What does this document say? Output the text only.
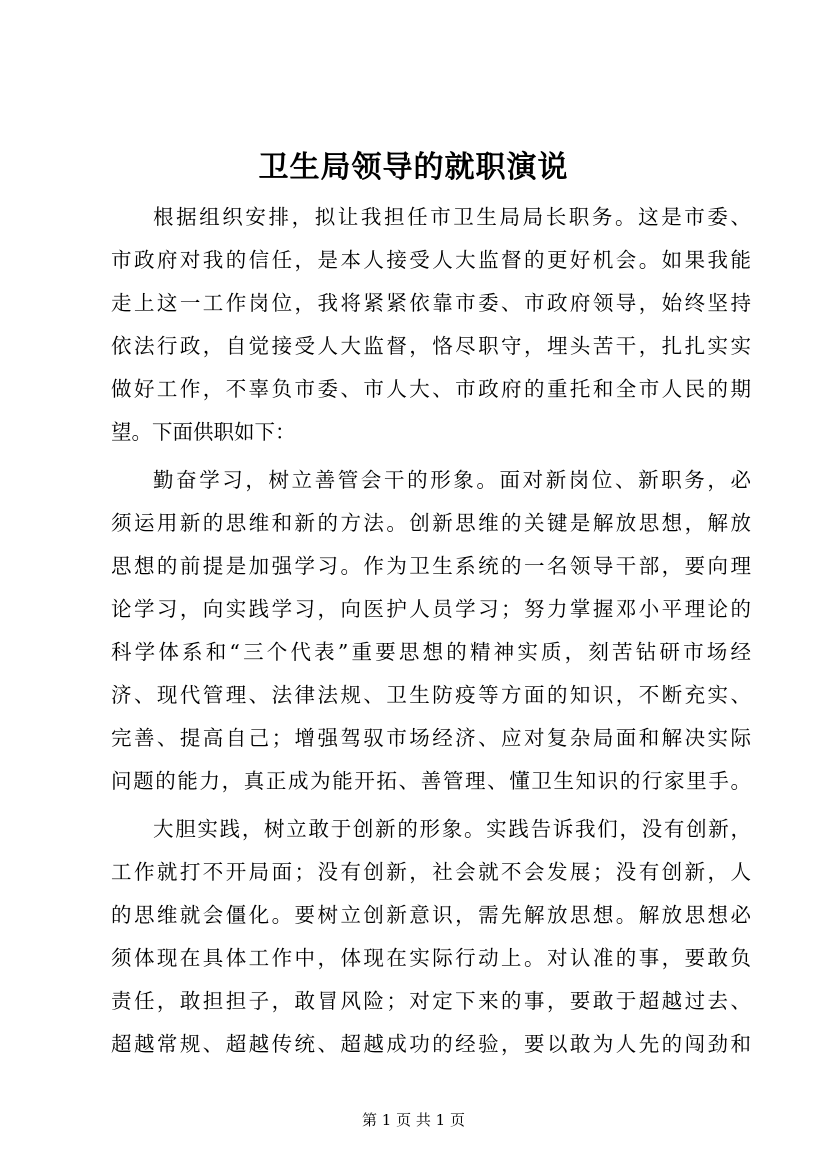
卫生局领导的就职演说
根据组织安排，拟让我担任市卫生局局长职务。这是市委、
市政府对我的信任，是本人接受人大监督的更好机会。如果我能
走上这一工作岗位，我将紧紧依靠市委、市政府领导，始终坚持
依法行政，自觉接受人大监督，恪尽职守，埋头苦干，扎扎实实
做好工作，不辜负市委、市人大、市政府的重托和全市人民的期
望。下面供职如下：
勤奋学习，树立善管会干的形象。面对新岗位、新职务，必
须运用新的思维和新的方法。创新思维的关键是解放思想，解放
思想的前提是加强学习。作为卫生系统的一名领导干部，要向理
论学习，向实践学习，向医护人员学习；努力掌握邓小平理论的
科学体系和“三个代表”重要思想的精神实质，刻苦钻研市场经
济、现代管理、法律法规、卫生防疫等方面的知识，不断充实、
完善、提高自己；增强驾驭市场经济、应对复杂局面和解决实际
问题的能力，真正成为能开拓、善管理、懂卫生知识的行家里手。
大胆实践，树立敢于创新的形象。实践告诉我们，没有创新，
工作就打不开局面；没有创新，社会就不会发展；没有创新，人
的思维就会僵化。要树立创新意识，需先解放思想。解放思想必
须体现在具体工作中，体现在实际行动上。对认准的事，要敢负
责任，敢担担子，敢冒风险；对定下来的事，要敢于超越过去、
超越常规、超越传统、超越成功的经验，要以敢为人先的闯劲和
第 1 页 共 1 页
